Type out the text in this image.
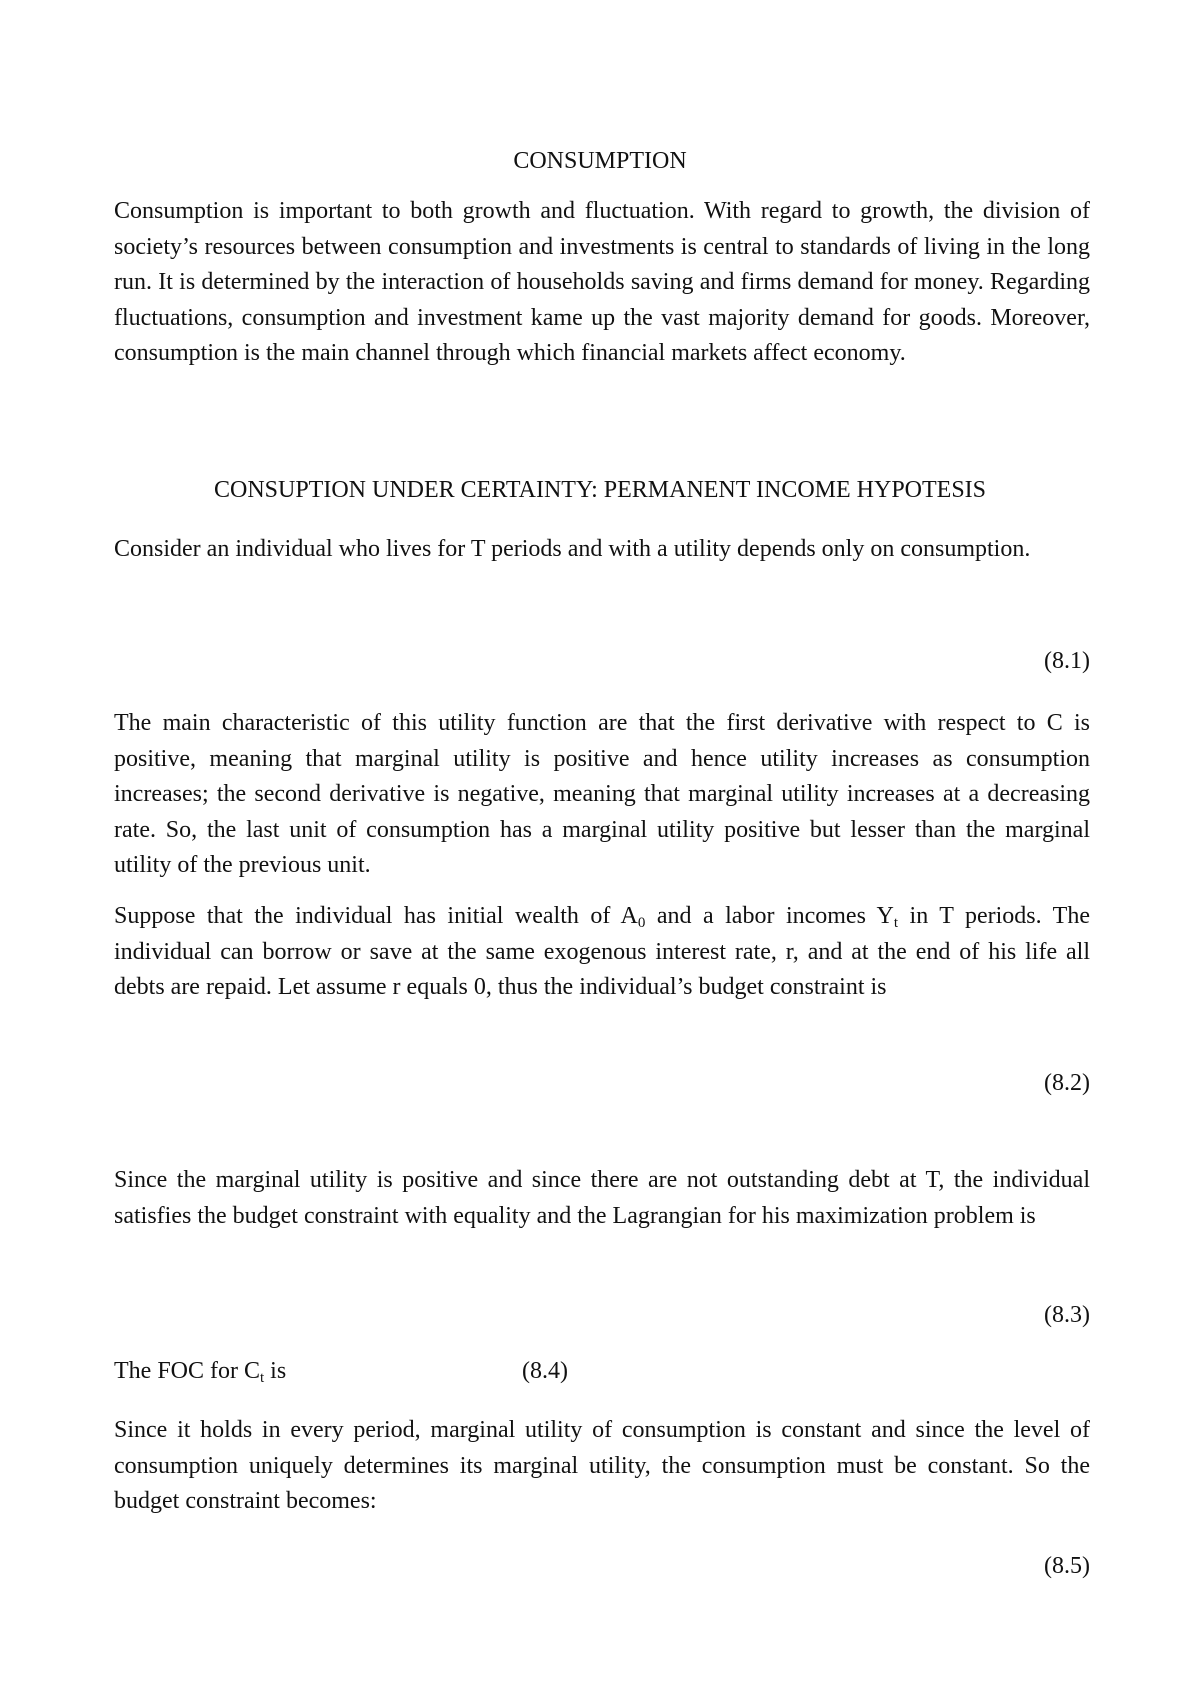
CONSUMPTION

Consumption is important to both growth and fluctuation. With regard to growth, the division of society’s resources between consumption and investments is central to standards of living in the long run. It is determined by the interaction of households saving and firms demand for money. Regarding fluctuations, consumption and investment kame up the vast majority demand for goods. Moreover, consumption is the main channel through which financial markets affect economy.

CONSUPTION UNDER CERTAINTY: PERMANENT INCOME HYPOTESIS

Consider an individual who lives for T periods and with a utility depends only on consumption.

(8.1)

The main characteristic of this utility function are that the first derivative with respect to C is positive, meaning that marginal utility is positive and hence utility increases as consumption increases; the second derivative is negative, meaning that marginal utility increases at a decreasing rate. So, the last unit of consumption has a marginal utility positive but lesser than the marginal utility of the previous unit.

Suppose that the individual has initial wealth of $A_0$ and a labor incomes $Y_t$ in T periods. The individual can borrow or save at the same exogenous interest rate, r, and at the end of his life all debts are repaid. Let assume r equals 0, thus the individual’s budget constraint is

(8.2)

Since the marginal utility is positive and since there are not outstanding debt at T, the individual satisfies the budget constraint with equality and the Lagrangian for his maximization problem is

(8.3)

The FOC for $C_t$ is	(8.4)

Since it holds in every period, marginal utility of consumption is constant and since the level of consumption uniquely determines its marginal utility, the consumption must be constant. So the budget constraint becomes:

(8.5)
